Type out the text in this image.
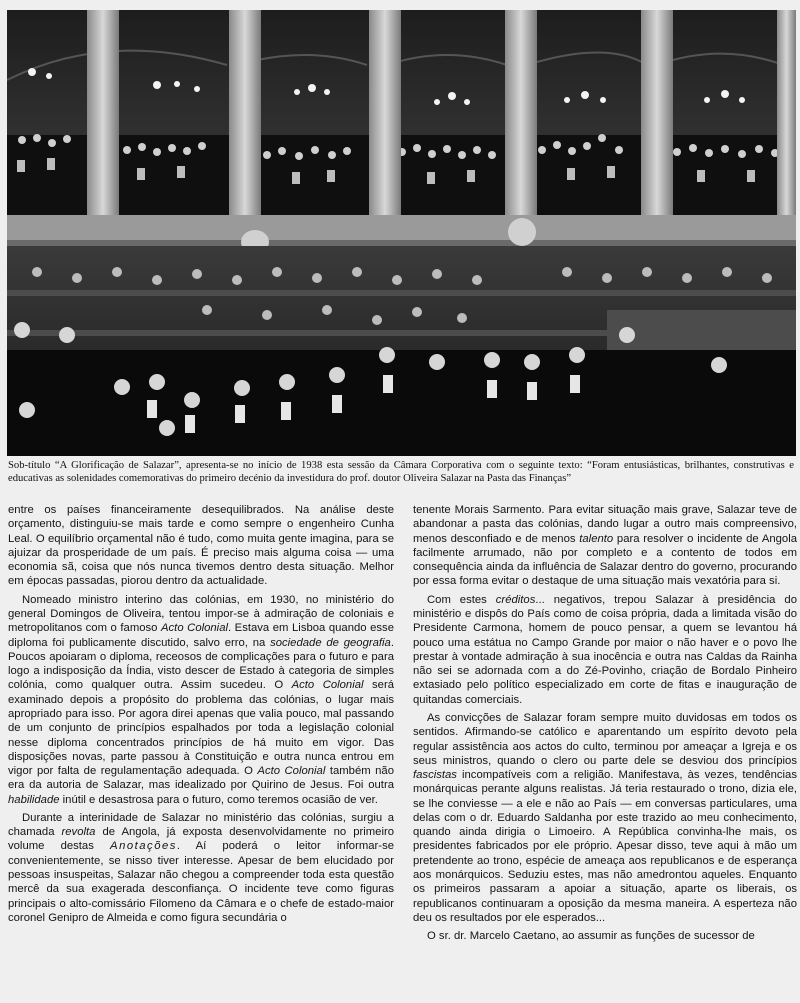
Sob-título “A Glorificação de Salazar”, apresenta-se no início de 1938 esta sessão da Câmara Corporativa com o seguinte texto: “Foram entusiásticas, brilhantes, construtivas e educativas as solenidades comemorativas do primeiro decénio da investidura do prof. doutor Oliveira Salazar na Pasta das Finanças”

entre os países financeiramente desequilibrados. Na análise deste orçamento, distinguiu-se mais tarde e como sempre o engenheiro Cunha Leal. O equilíbrio orçamental não é tudo, como muita gente imagina, para se ajuizar da prosperidade de um país. É preciso mais alguma coisa — uma economia sã, coisa que nós nunca tivemos dentro desta situação. Melhor em épocas passadas, piorou dentro da actualidade.

Nomeado ministro interino das colónias, em 1930, no ministério do general Domingos de Oliveira, tentou impor-se à admiração de coloniais e metropolitanos com o famoso Acto Colonial. Estava em Lisboa quando esse diploma foi publicamente discutido, salvo erro, na sociedade de geografia. Poucos apoiaram o diploma, receosos de complicações para o futuro e para logo a indisposição da Índia, visto descer de Estado à categoria de simples colónia, como qualquer outra. Assim sucedeu. O Acto Colonial será examinado depois a propósito do problema das colónias, o lugar mais apropriado para isso. Por agora direi apenas que valia pouco, mal passando de um conjunto de princípios espalhados por toda a legislação colonial nesse diploma concentrados princípios de há muito em vigor. Das disposições novas, parte passou à Constituição e outra nunca entrou em vigor por falta de regulamentação adequada. O Acto Colonial também não era da autoria de Salazar, mas idealizado por Quirino de Jesus. Foi outra habilidade inútil e desastrosa para o futuro, como teremos ocasião de ver.

Durante a interinidade de Salazar no ministério das colónias, surgiu a chamada revolta de Angola, já exposta desenvolvidamente no primeiro volume destas Anotações. Aí poderá o leitor informar-se convenientemente, se nisso tiver interesse. Apesar de bem elucidado por pessoas insuspeitas, Salazar não chegou a compreender toda esta questão mercê da sua exagerada desconfiança. O incidente teve como figuras principais o alto-comissário Filomeno da Câmara e o chefe de estado-maior coronel Genipro de Almeida e como figura secundária o

tenente Morais Sarmento. Para evitar situação mais grave, Salazar teve de abandonar a pasta das colónias, dando lugar a outro mais compreensivo, menos desconfiado e de menos talento para resolver o incidente de Angola facilmente arrumado, não por completo e a contento de todos em consequência ainda da influência de Salazar dentro do governo, procurando por essa forma evitar o destaque de uma situação mais vexatória para si.

Com estes créditos... negativos, trepou Salazar à presidência do ministério e dispôs do País como de coisa própria, dada a limitada visão do Presidente Carmona, homem de pouco pensar, a quem se levantou há pouco uma estátua no Campo Grande por maior o não haver e o povo lhe prestar à vontade admiração à sua inocência e outra nas Caldas da Rainha não sei se adornada com a do Zé-Povinho, criação de Bordalo Pinheiro extasiado pelo político especializado em corte de fitas e inauguração de quitandas comerciais.

As convicções de Salazar foram sempre muito duvidosas em todos os sentidos. Afirmando-se católico e aparentando um espírito devoto pela regular assistência aos actos do culto, terminou por ameaçar a Igreja e os seus ministros, quando o clero ou parte dele se desviou dos princípios fascistas incompatíveis com a religião. Manifestava, às vezes, tendências monárquicas perante alguns realistas. Já teria restaurado o trono, dizia ele, se lhe conviesse — a ele e não ao País — em conversas particulares, uma delas com o dr. Eduardo Saldanha por este trazido ao meu conhecimento, quando ainda dirigia o Limoeiro. A República convinha-lhe mais, os presidentes fabricados por ele próprio. Apesar disso, teve aqui à mão um pretendente ao trono, espécie de ameaça aos republicanos e de esperança aos monárquicos. Seduziu estes, mas não amedrontou aqueles. Enquanto os primeiros passaram a apoiar a situação, aparte os liberais, os republicanos continuaram a oposição da mesma maneira. A esperteza não deu os resultados por ele esperados...

O sr. dr. Marcelo Caetano, ao assumir as funções de sucessor de
